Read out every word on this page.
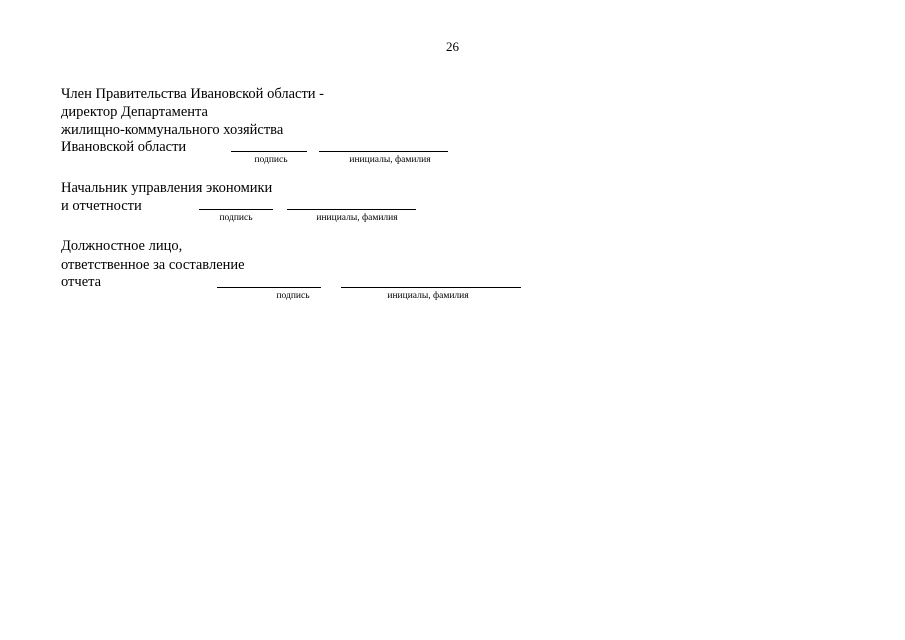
26
Член Правительства Ивановской области -
директор Департамента
жилищно-коммунального хозяйства
Ивановской области
подпись	инициалы, фамилия
Начальник управления экономики
и отчетности
подпись	инициалы, фамилия
Должностное лицо,
ответственное за составление
отчета
подпись	инициалы, фамилия
